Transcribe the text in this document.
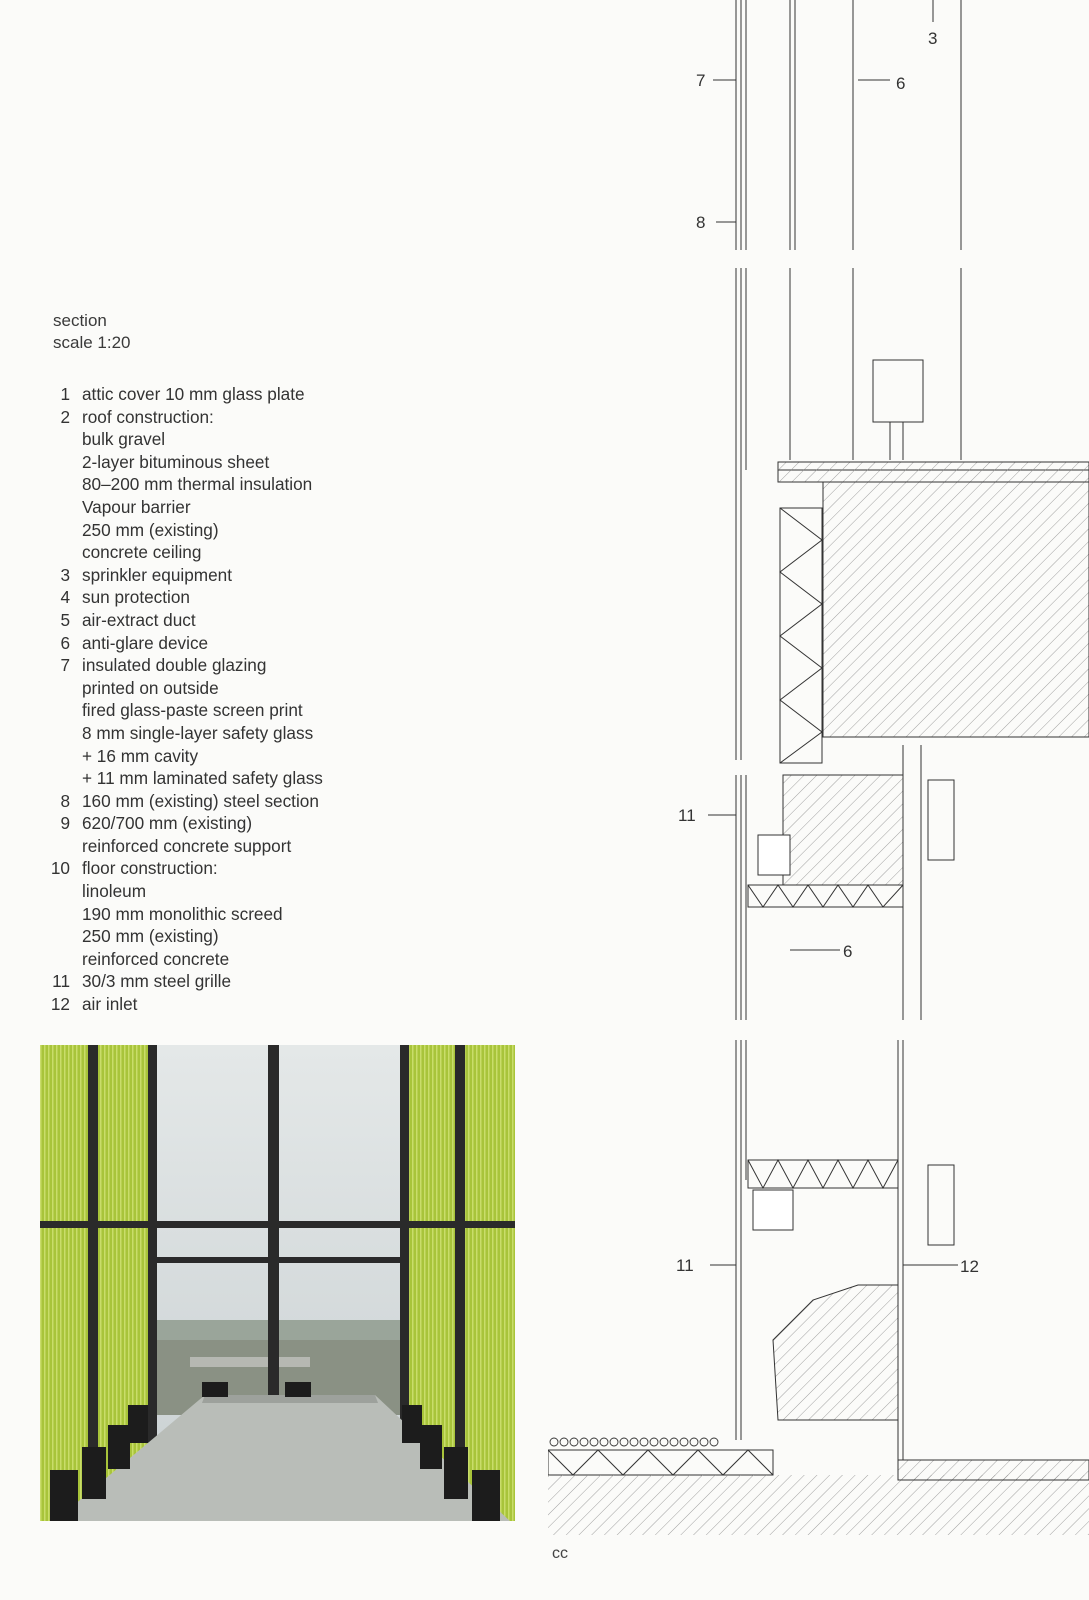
section

scale 1:20

1 attic cover 10 mm glass plate
2 roof construction:
bulk gravel
2-layer bituminous sheet
80–200 mm thermal insulation
Vapour barrier
250 mm (existing)
concrete ceiling
3 sprinkler equipment
4 sun protection
5 air-extract duct
6 anti-glare device
7 insulated double glazing
printed on outside
fired glass-paste screen print
8 mm single-layer safety glass
+ 16 mm cavity
+ 11 mm laminated safety glass
8 160 mm (existing) steel section
9 620/700 mm (existing)
reinforced concrete support
10 floor construction:
linoleum
190 mm monolithic screed
250 mm (existing)
reinforced concrete
11 30/3 mm steel grille
12 air inlet
3
7	6
8
11
6
11	12
cc
